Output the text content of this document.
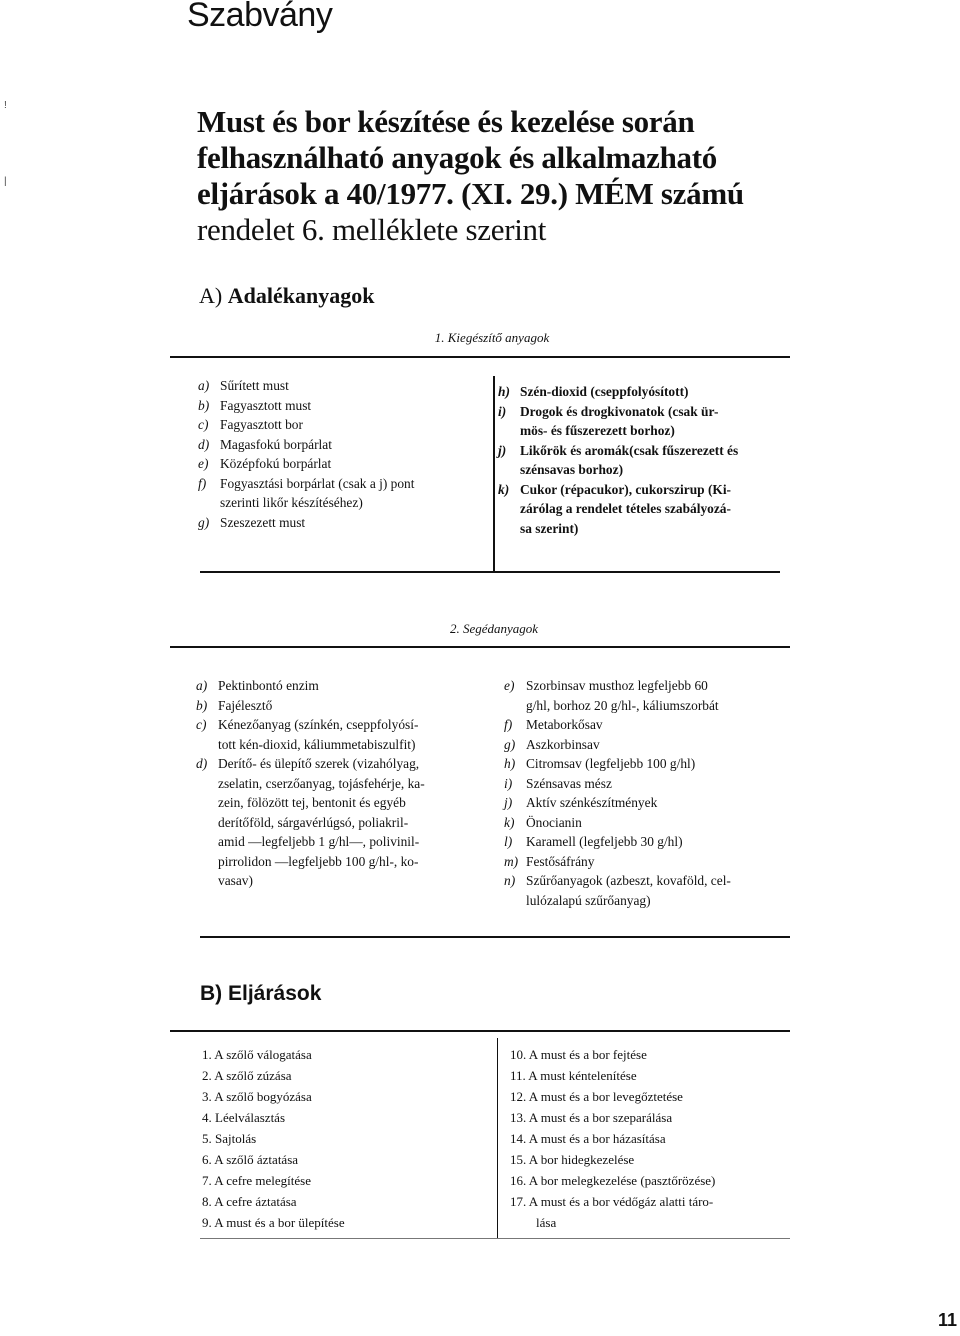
!
|
Szabvány
Must és bor készítése és kezelése során felhasználható anyagok és alkalmazható eljárások a 40/1977. (XI. 29.) MÉM számú rendelet 6. melléklete szerint
A) Adalékanyagok
1. Kiegészítő anyagok
a) Sűrített must
b) Fagyasztott must
c) Fagyasztott bor
d) Magasfokú borpárlat
e) Középfokú borpárlat
f) Fogyasztási borpárlat (csak a j) pont
szerinti likőr készítéséhez)
g) Szeszezett must
h) Szén-dioxid (cseppfolyósított)
i) Drogok és drogkivonatok (csak ür-
mös- és fűszerezett borhoz)
j) Likőrök és aromák(csak fűszerezett és
szénsavas borhoz)
k) Cukor (répacukor), cukorszirup (Ki-
zárólag a rendelet tételes szabályozá-
sa szerint)
2. Segédanyagok
a) Pektinbontó enzim
b) Fajélesztő
c) Kénezőanyag (színkén, cseppfolyósí-
tott kén-dioxid, káliummetabiszulfit)
d) Derítő- és ülepítő szerek (vizahólyag,
zselatin, cserzőanyag, tojásfehérje, ka-
zein, fölözött tej, bentonit és egyéb
derítőföld, sárgavérlúgsó, poliakril-
amid —legfeljebb 1 g/hl—, polivinil-
pirrolidon —legfeljebb 100 g/hl-, ko-
vasav)
e) Szorbinsav musthoz legfeljebb 60
g/hl, borhoz 20 g/hl-, káliumszorbát
f) Metaborkősav
g) Aszkorbinsav
h) Citromsav (legfeljebb 100 g/hl)
i) Szénsavas mész
j) Aktív szénkészítmények
k) Önocianin
l) Karamell (legfeljebb 30 g/hl)
m) Festősáfrány
n) Szűrőanyagok (azbeszt, kovaföld, cel-
lulózalapú szűrőanyag)
B) Eljárások
1. A szőlő válogatása
2. A szőlő zúzása
3. A szőlő bogyózása
4. Léelválasztás
5. Sajtolás
6. A szőlő áztatása
7. A cefre melegítése
8. A cefre áztatása
9. A must és a bor ülepítése
10. A must és a bor fejtése
11. A must kéntelenítése
12. A must és a bor levegőztetése
13. A must és a bor szeparálása
14. A must és a bor házasítása
15. A bor hidegkezelése
16. A bor melegkezelése (pasztőrözése)
17. A must és a bor védőgáz alatti táro-
lása
11
